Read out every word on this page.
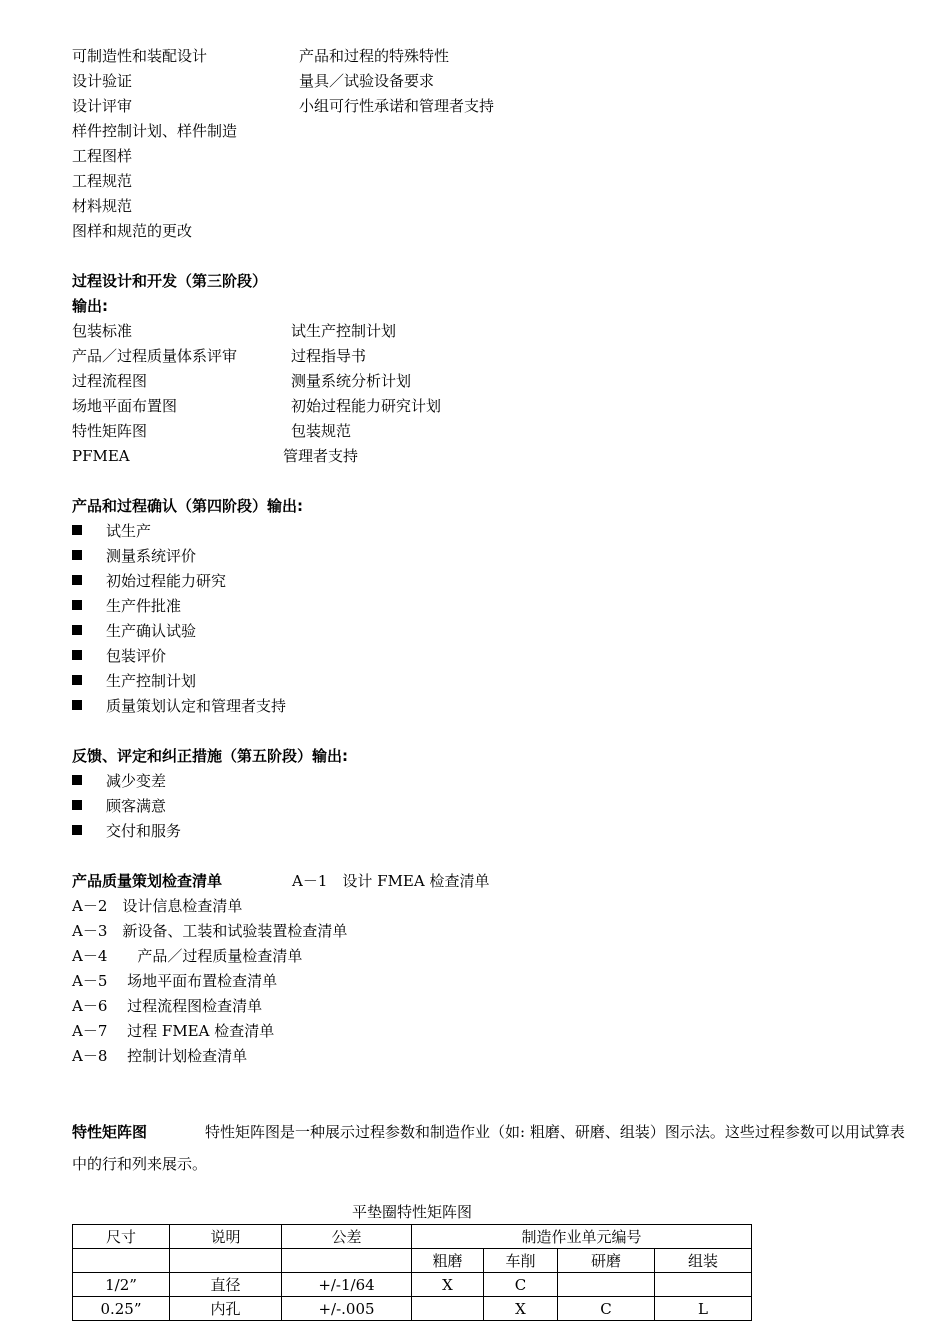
可制造性和装配设计	产品和过程的特殊特性
设计验证	量具／试验设备要求
设计评审	小组可行性承诺和管理者支持
样件控制计划、样件制造
工程图样
工程规范
材料规范
图样和规范的更改
过程设计和开发（第三阶段）
输出:
包装标准	试生产控制计划
产品／过程质量体系评审	过程指导书
过程流程图	测量系统分析计划
场地平面布置图	初始过程能力研究计划
特性矩阵图	包装规范
PFMEA	管理者支持
产品和过程确认（第四阶段）输出:
试生产
测量系统评价
初始过程能力研究
生产件批准
生产确认试验
包装评价
生产控制计划
质量策划认定和管理者支持
反馈、评定和纠正措施（第五阶段）输出:
减少变差
顾客满意
交付和服务
产品质量策划检查清单	A－1　设计 FMEA 检查清单
A－2　设计信息检查清单
A－3　新设备、工装和试验装置检查清单
A－4　　产品／过程质量检查清单
A－5　 场地平面布置检查清单
A－6　 过程流程图检查清单
A－7　 过程 FMEA 检查清单
A－8　 控制计划检查清单
特性矩阵图	特性矩阵图是一种展示过程参数和制造作业（如: 粗磨、研磨、组装）图示法。这些过程参数可以用试算表中的行和列来展示。
平垫圈特性矩阵图
尺寸	说明	公差	制造作业单元编号			
			粗磨	车削	研磨	组装
1/2”	直径	+/-1/64	X	C		
0.25”	内孔	+/-.005		X	C	L
